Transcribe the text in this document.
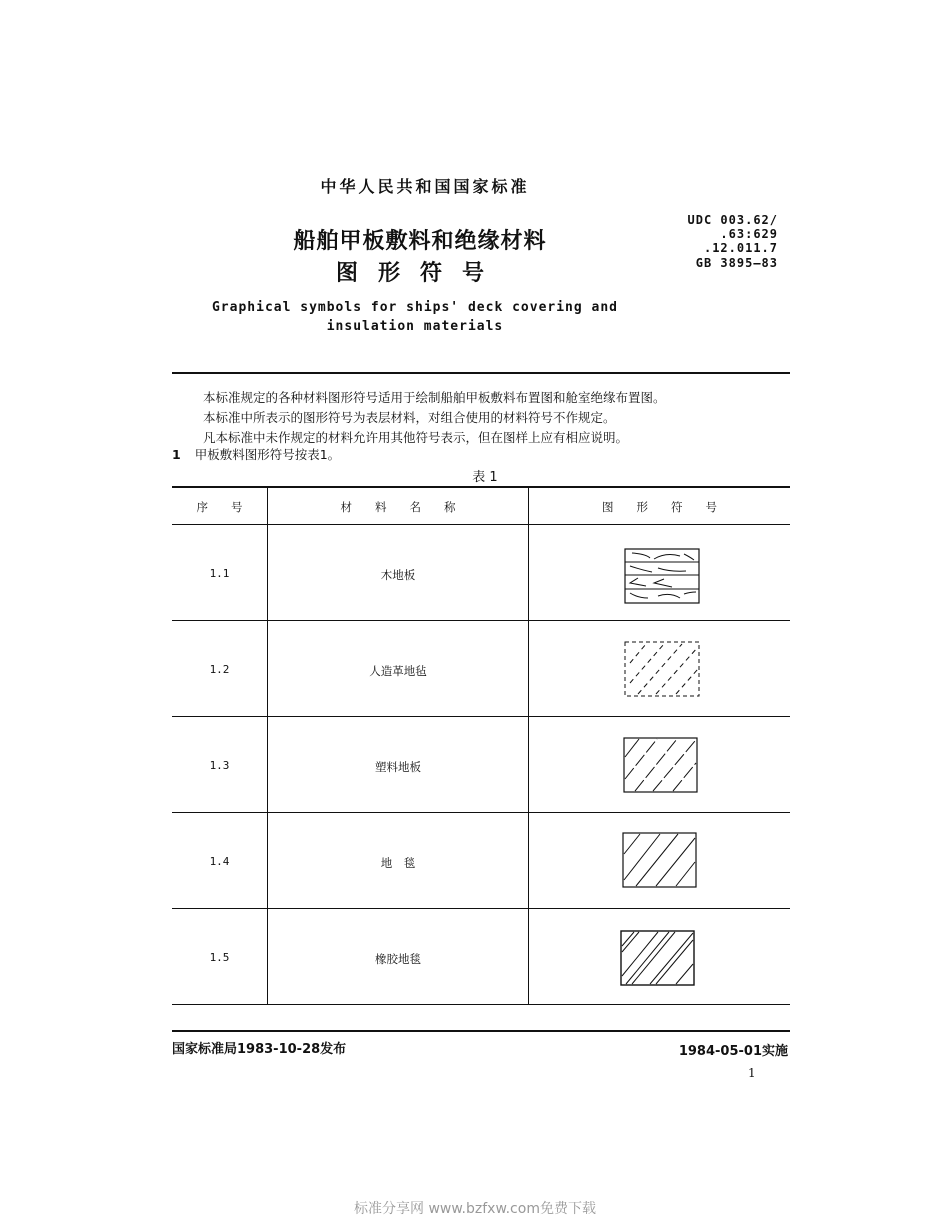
中华人民共和国国家标准
船舶甲板敷料和绝缘材料
图形符号
Graphical symbols for ships' deck covering and
insulation materials
UDC 003.62/
.63:629
.12.011.7
GB 3895—83
本标准规定的各种材料图形符号适用于绘制船舶甲板敷料布置图和舱室绝缘布置图。
本标准中所表示的图形符号为表层材料，对组合使用的材料符号不作规定。
凡本标准中未作规定的材料允许用其他符号表示，但在图样上应有相应说明。
1 甲板敷料图形符号按表1。
表 1
序　　号	材　　料　　名　　称	图　　形　　符　　号
1.1	木地板
1.2	人造革地毡
1.3	塑料地板
1.4	地　毯
1.5	橡胶地毯
国家标准局1983-10-28发布	1984-05-01实施
1
标准分享网 www.bzfxw.com免费下载
